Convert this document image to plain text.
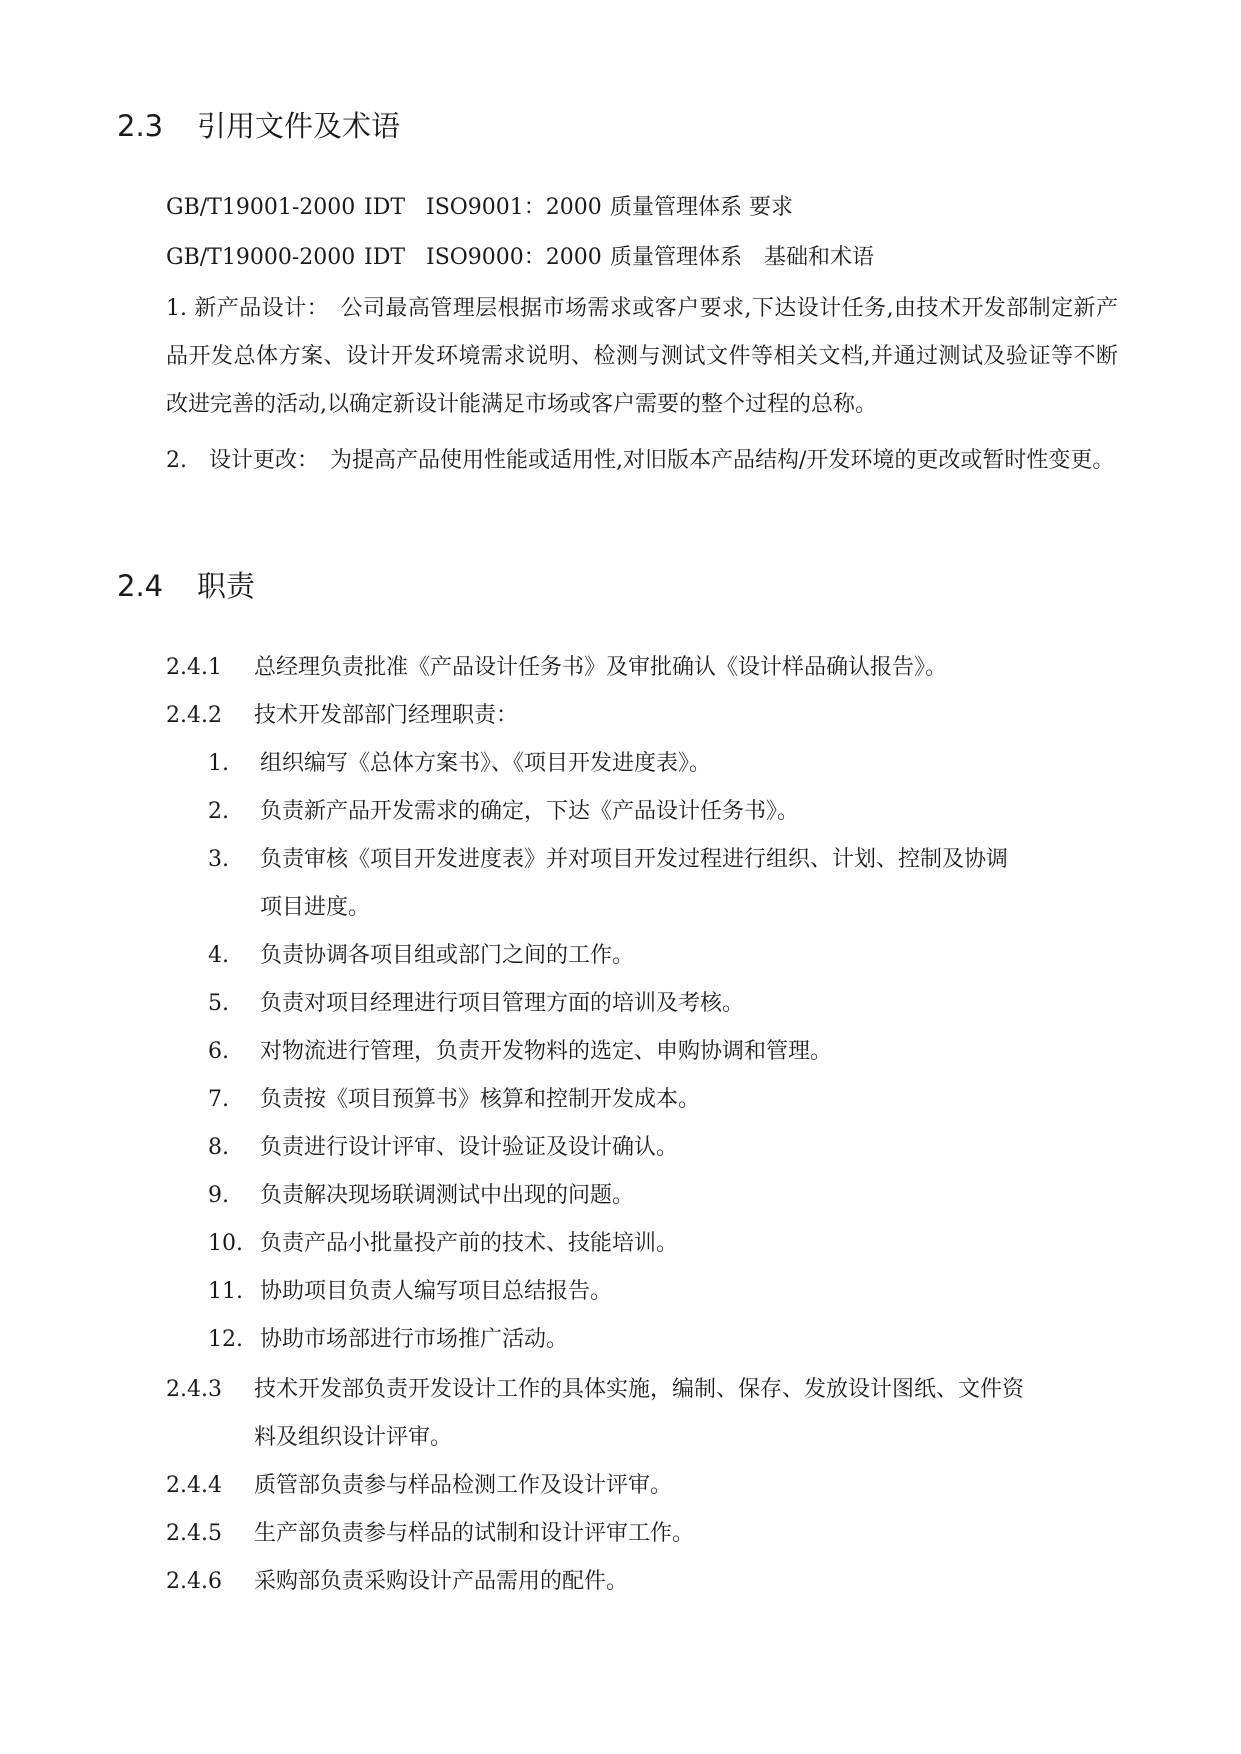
2.3 引用文件及术语
GB/T19001-2000 IDT ISO9001：2000 质量管理体系 要求
GB/T19000-2000 IDT ISO9000：2000 质量管理体系　基础和术语
1. 新产品设计：　公司最高管理层根据市场需求或客户要求,下达设计任务,由技术开发部制定新产品开发总体方案、设计开发环境需求说明、检测与测试文件等相关文档,并通过测试及验证等不断改进完善的活动,以确定新设计能满足市场或客户需要的整个过程的总称。
2.　设计更改：　为提高产品使用性能或适用性,对旧版本产品结构/开发环境的更改或暂时性变更。
2.4 职责
2.4.1 总经理负责批准《产品设计任务书》及审批确认《设计样品确认报告》。
2.4.2 技术开发部部门经理职责：
1. 组织编写《总体方案书》、《项目开发进度表》。
2. 负责新产品开发需求的确定，下达《产品设计任务书》。
3. 负责审核《项目开发进度表》并对项目开发过程进行组织、计划、控制及协调
项目进度。
4. 负责协调各项目组或部门之间的工作。
5. 负责对项目经理进行项目管理方面的培训及考核。
6. 对物流进行管理，负责开发物料的选定、申购协调和管理。
7. 负责按《项目预算书》核算和控制开发成本。
8. 负责进行设计评审、设计验证及设计确认。
9. 负责解决现场联调测试中出现的问题。
10. 负责产品小批量投产前的技术、技能培训。
11. 协助项目负责人编写项目总结报告。
12. 协助市场部进行市场推广活动。
2.4.3 技术开发部负责开发设计工作的具体实施，编制、保存、发放设计图纸、文件资
料及组织设计评审。
2.4.4 质管部负责参与样品检测工作及设计评审。
2.4.5 生产部负责参与样品的试制和设计评审工作。
2.4.6 采购部负责采购设计产品需用的配件。
